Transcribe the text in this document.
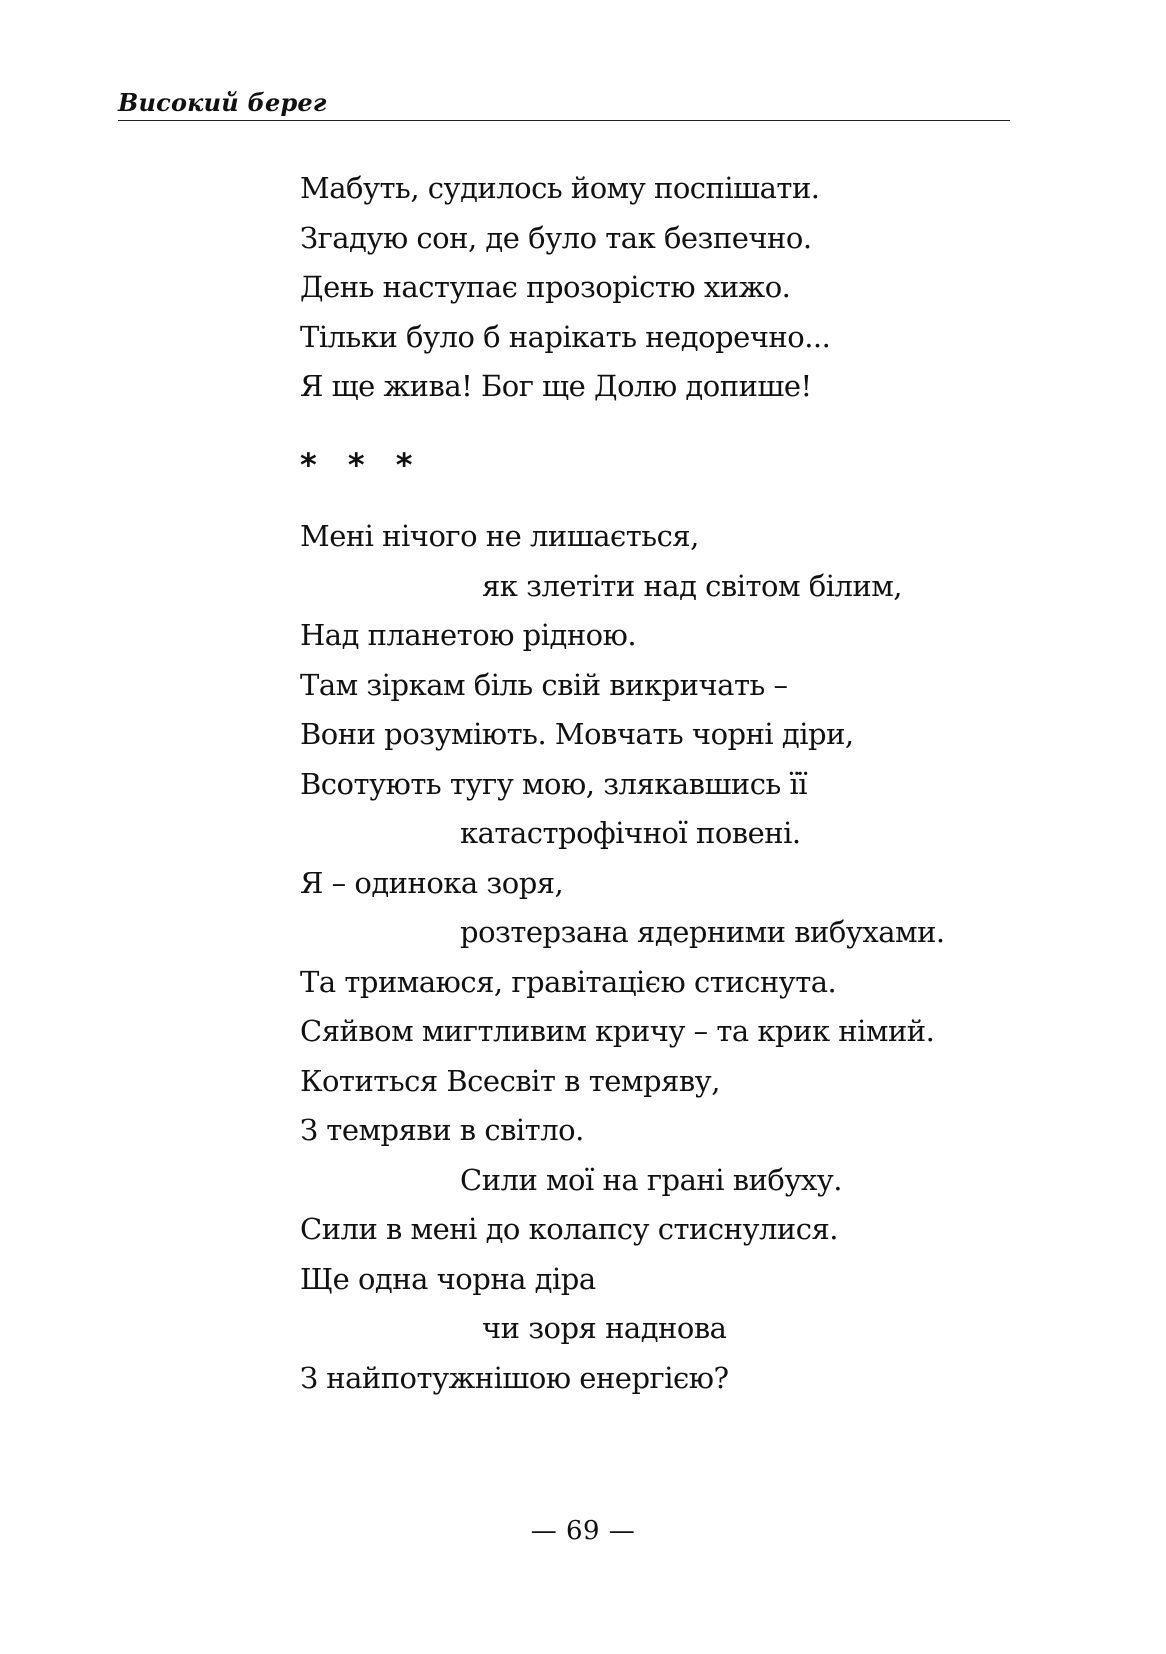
Високий берег
Мабуть, судилось йому поспішати.
Згадую сон, де було так безпечно.
День наступає прозорістю хижо.
Тільки було б нарікать недоречно...
Я ще жива! Бог ще Долю допише!
* * *
Мені нічого не лишається,
як злетіти над світом білим,
Над планетою рідною.
Там зіркам біль свій викричать –
Вони розуміють. Мовчать чорні діри,
Всотують тугу мою, злякавшись її
катастрофічної повені.
Я – одинока зоря,
розтерзана ядерними вибухами.
Та тримаюся, гравітацією стиснута.
Сяйвом мигтливим кричу – та крик німий.
Котиться Всесвіт в темряву,
З темряви в світло.
Сили мої на грані вибуху.
Сили в мені до колапсу стиснулися.
Ще одна чорна діра
чи зоря наднова
З найпотужнішою енергією?
— 69 —
